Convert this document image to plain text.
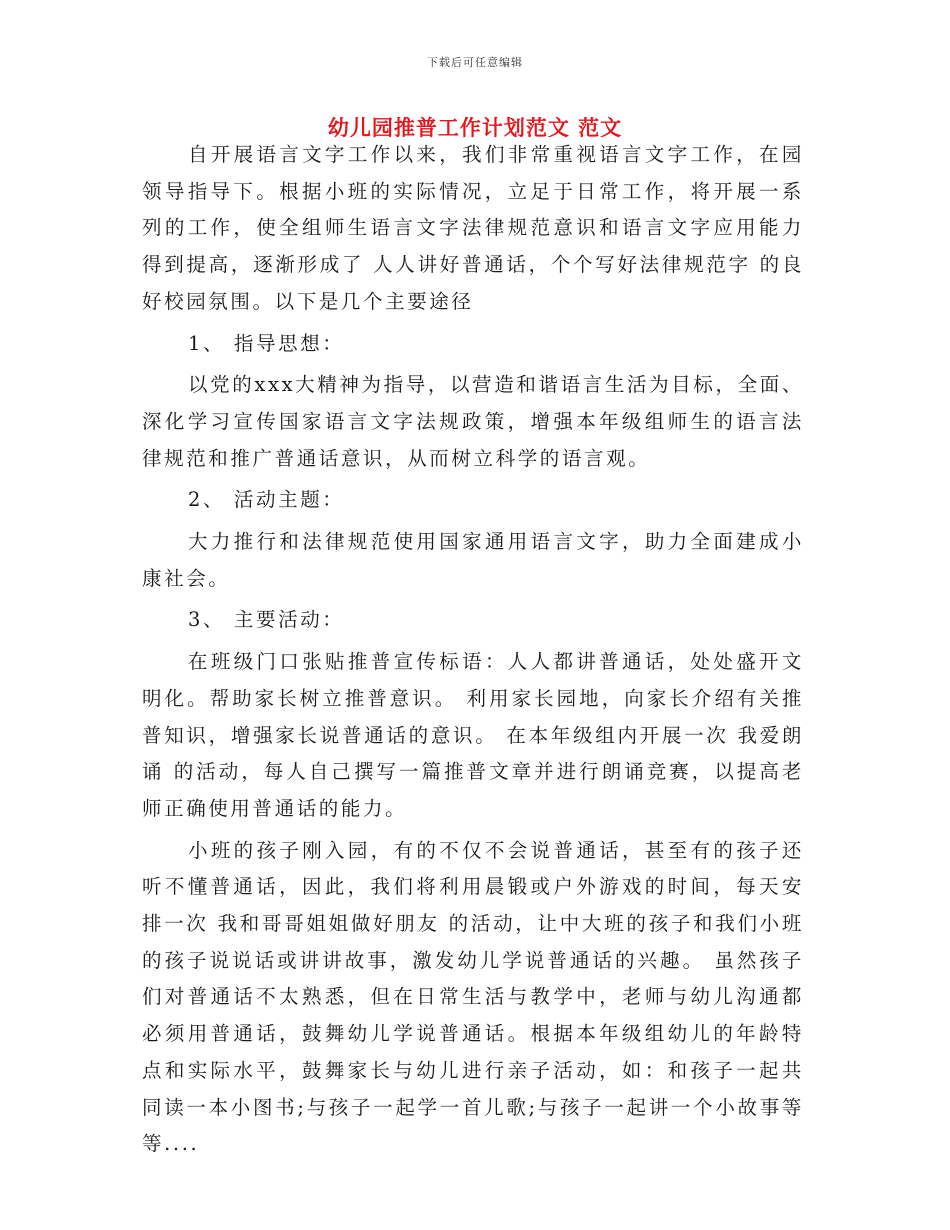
下载后可任意编辑
幼儿园推普工作计划范文 范文

自开展语言文字工作以来，我们非常重视语言文字工作，在园领导指导下。根据小班的实际情况，立足于日常工作，将开展一系列的工作，使全组师生语言文字法律规范意识和语言文字应用能力得到提高，逐渐形成了 人人讲好普通话，个个写好法律规范字 的良好校园氛围。以下是几个主要途径

1、 指导思想：

以党的xxx大精神为指导，以营造和谐语言生活为目标，全面、深化学习宣传国家语言文字法规政策，增强本年级组师生的语言法律规范和推广普通话意识，从而树立科学的语言观。

2、 活动主题：

大力推行和法律规范使用国家通用语言文字，助力全面建成小康社会。

3、 主要活动：

在班级门口张贴推普宣传标语：人人都讲普通话，处处盛开文明化。帮助家长树立推普意识。 利用家长园地，向家长介绍有关推普知识，增强家长说普通话的意识。 在本年级组内开展一次 我爱朗诵 的活动，每人自己撰写一篇推普文章并进行朗诵竞赛，以提高老师正确使用普通话的能力。

小班的孩子刚入园，有的不仅不会说普通话，甚至有的孩子还听不懂普通话，因此，我们将利用晨锻或户外游戏的时间，每天安排一次 我和哥哥姐姐做好朋友 的活动，让中大班的孩子和我们小班的孩子说说话或讲讲故事，激发幼儿学说普通话的兴趣。 虽然孩子们对普通话不太熟悉，但在日常生活与教学中，老师与幼儿沟通都必须用普通话，鼓舞幼儿学说普通话。根据本年级组幼儿的年龄特点和实际水平，鼓舞家长与幼儿进行亲子活动，如：和孩子一起共同读一本小图书;与孩子一起学一首儿歌;与孩子一起讲一个小故事等等....
